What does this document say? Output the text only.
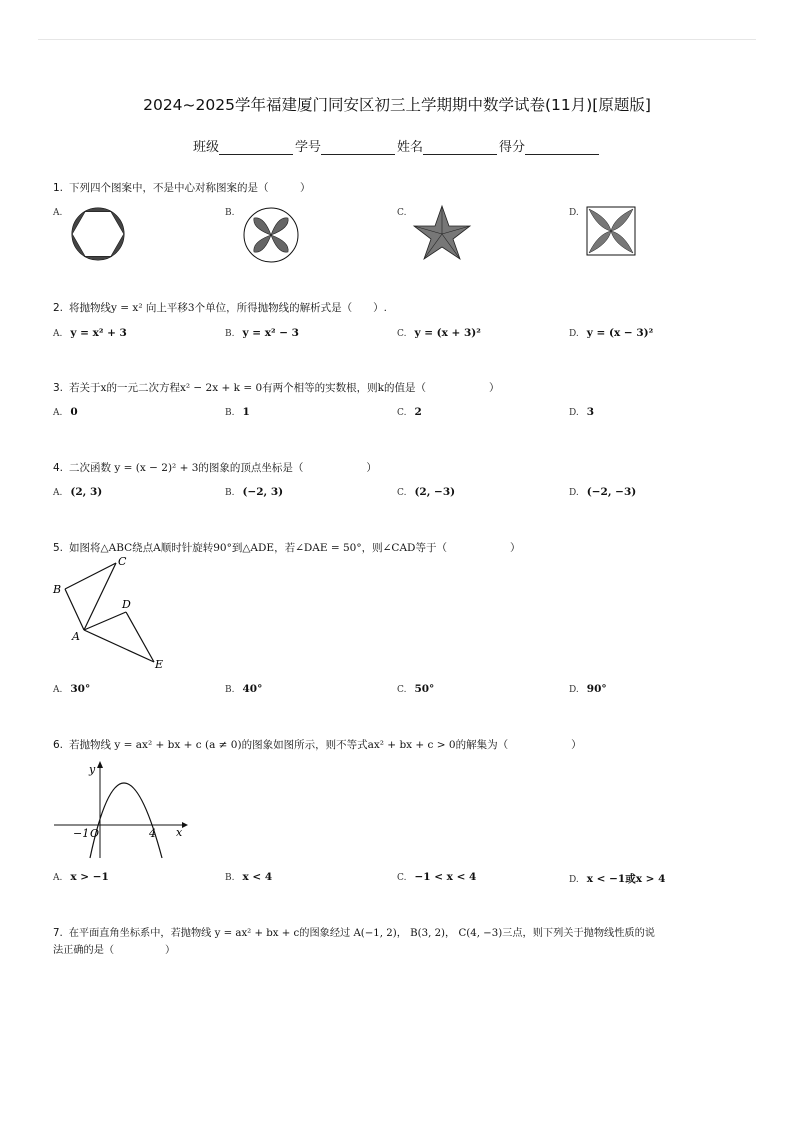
2024~2025学年福建厦门同安区初三上学期期中数学试卷(11月)[原题版]
班级	学号	姓名	得分
1. 下列四个图案中，不是中心对称图案的是（　　　）
A.	B.	C.	D.
2. 将抛物线y = x² 向上平移3个单位，所得抛物线的解析式是（　　）.
A. y = x² + 3	B. y = x² − 3	C. y = (x + 3)²	D. y = (x − 3)²
3. 若关于x的一元二次方程x² − 2x + k = 0有两个相等的实数根，则k的值是（　　　　　　）
A. 0	B. 1	C. 2	D. 3
4. 二次函数 y = (x − 2)² + 3的图象的顶点坐标是（　　　　　　）
A. (2, 3)	B. (−2, 3)	C. (2, −3)	D. (−2, −3)
5. 如图将△ABC绕点A顺时针旋转90°到△ADE，若∠DAE = 50°，则∠CAD等于（　　　　　　）
B
C
A
D
E
A. 30°	B. 40°	C. 50°	D. 90°
6. 若抛物线 y = ax² + bx + c (a ≠ 0)的图象如图所示，则不等式ax² + bx + c > 0的解集为（　　　　　　）
y
x
O
−1	4
A. x > −1	B. x < 4	C. −1 < x < 4	D. x < −1或x > 4
7. 在平面直角坐标系中，若抛物线 y = ax² + bx + c的图象经过 A(−1, 2)， B(3, 2)， C(4, −3)三点，则下列关于抛物线性质的说
法正确的是（　　　　　）
